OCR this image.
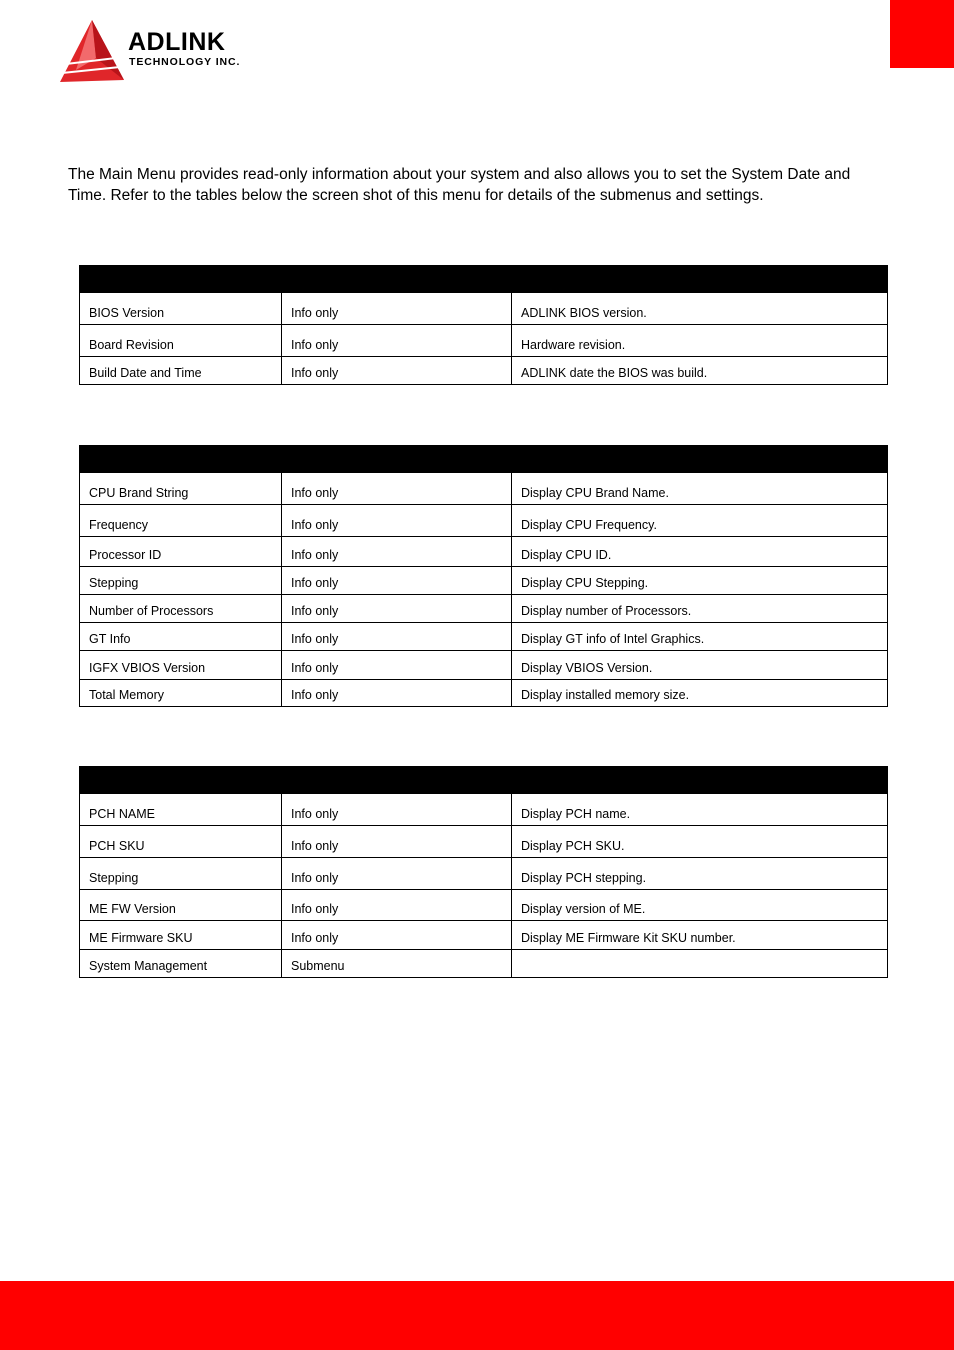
ADLINK
TECHNOLOGY INC.

The Main Menu provides read-only information about your system and also allows you to set the System Date and Time. Refer to the tables below the screen shot of this menu for details of the submenus and settings.

BIOS Version	Info only	ADLINK BIOS version.
Board Revision	Info only	Hardware revision.
Build Date and Time	Info only	ADLINK date the BIOS was build.

CPU Brand String	Info only	Display CPU Brand Name.
Frequency	Info only	Display CPU Frequency.
Processor ID	Info only	Display CPU ID.
Stepping	Info only	Display CPU Stepping.
Number of Processors	Info only	Display number of Processors.
GT Info	Info only	Display GT info of Intel Graphics.
IGFX VBIOS Version	Info only	Display VBIOS Version.
Total Memory	Info only	Display installed memory size.

PCH NAME	Info only	Display PCH name.
PCH SKU	Info only	Display PCH SKU.
Stepping	Info only	Display PCH stepping.
ME FW Version	Info only	Display version of ME.
ME Firmware SKU	Info only	Display ME Firmware Kit SKU number.
System Management	Submenu	
